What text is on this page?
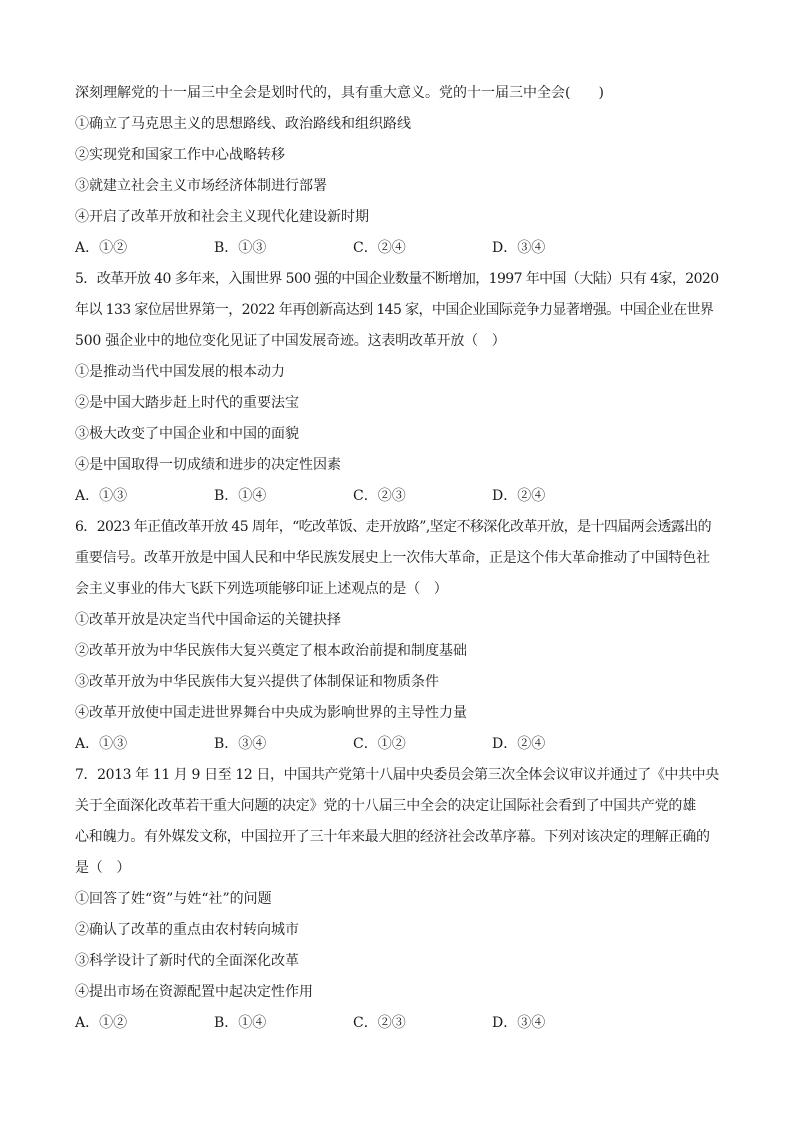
深刻理解党的十一届三中全会是划时代的，具有重大意义。党的十一届三中全会(　　)
①确立了马克思主义的思想路线、政治路线和组织路线
②实现党和国家工作中心战略转移
③就建立社会主义市场经济体制进行部署
④开启了改革开放和社会主义现代化建设新时期
A．①②	B．①③	C．②④	D．③④
5．改革开放 40 多年来，入围世界 500 强的中国企业数量不断增加，1997 年中国（大陆）只有 4家，2020
年以 133 家位居世界第一，2022 年再创新高达到 145 家，中国企业国际竞争力显著增强。中国企业在世界
500 强企业中的地位变化见证了中国发展奇迹。这表明改革开放（　）
①是推动当代中国发展的根本动力
②是中国大踏步赶上时代的重要法宝
③极大改变了中国企业和中国的面貌
④是中国取得一切成绩和进步的决定性因素
A．①③	B．①④	C．②③	D．②④
6．2023 年正值改革开放 45 周年，“吃改革饭、走开放路”,坚定不移深化改革开放，是十四届两会透露出的
重要信号。改革开放是中国人民和中华民族发展史上一次伟大革命，正是这个伟大革命推动了中国特色社
会主义事业的伟大飞跃下列选项能够印证上述观点的是（　）
①改革开放是决定当代中国命运的关键抉择
②改革开放为中华民族伟大复兴奠定了根本政治前提和制度基础
③改革开放为中华民族伟大复兴提供了体制保证和物质条件
④改革开放使中国走进世界舞台中央成为影响世界的主导性力量
A．①③	B．③④	C．①②	D．②④
7．2013 年 11 月 9 日至 12 日，中国共产党第十八届中央委员会第三次全体会议审议并通过了《中共中央
关于全面深化改革若干重大问题的决定》党的十八届三中全会的决定让国际社会看到了中国共产党的雄
心和魄力。有外媒发文称，中国拉开了三十年来最大胆的经济社会改革序幕。下列对该决定的理解正确的
是（　）
①回答了姓“资”与姓“社”的问题
②确认了改革的重点由农村转向城市
③科学设计了新时代的全面深化改革
④提出市场在资源配置中起决定性作用
A．①②	B．①④	C．②③	D．③④
